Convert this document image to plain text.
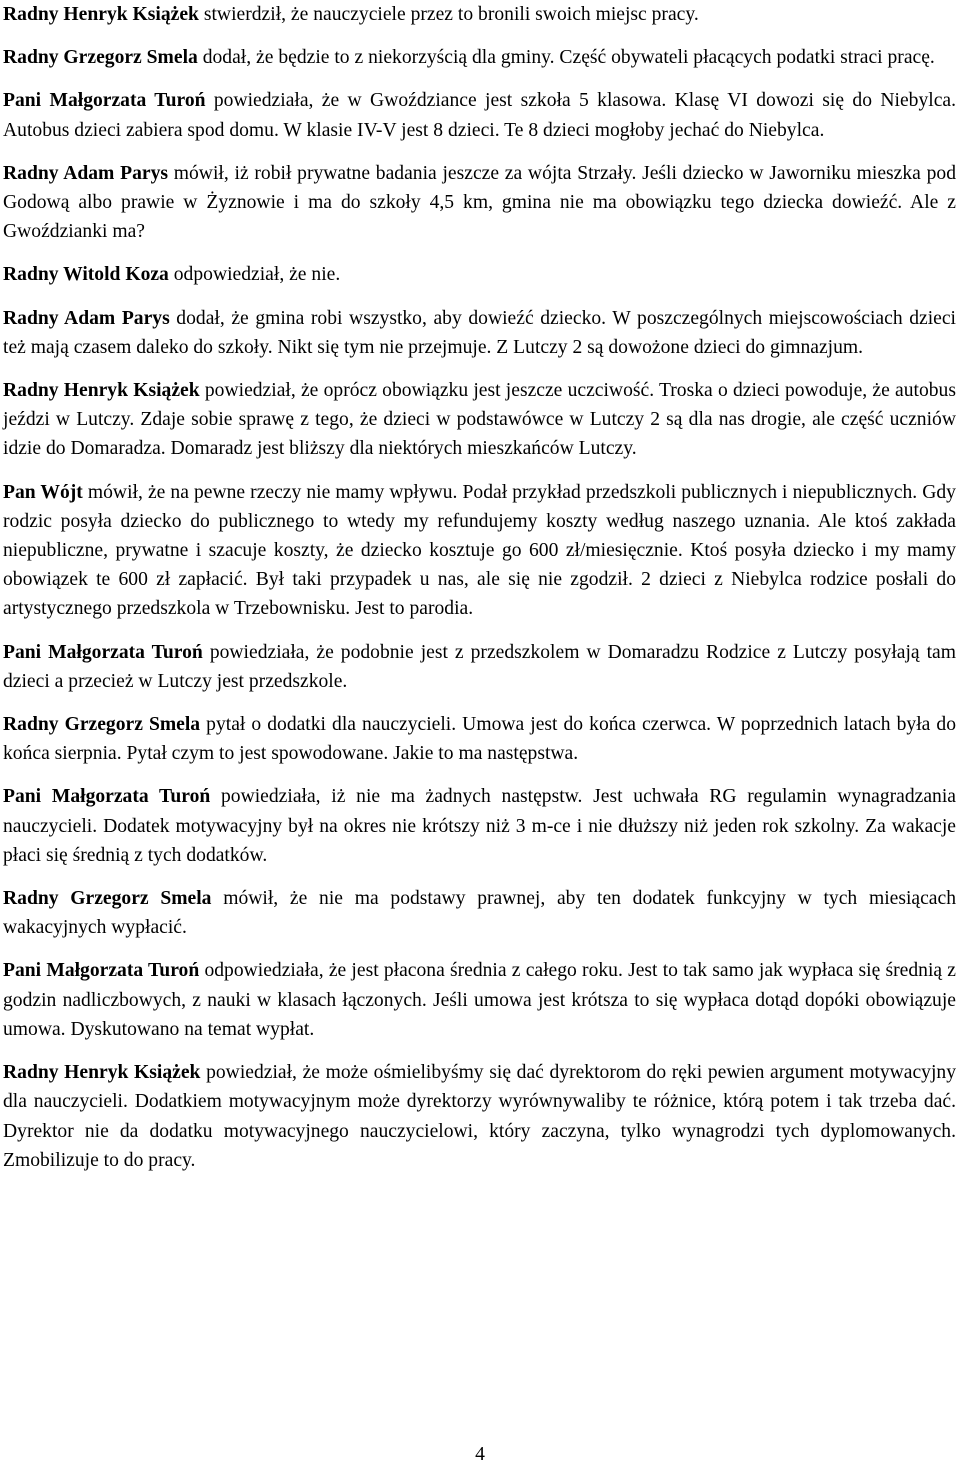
Radny Henryk Książek stwierdził, że nauczyciele przez to bronili swoich miejsc pracy.

Radny Grzegorz Smela dodał, że będzie to z niekorzyścią dla gminy. Część obywateli płacących podatki straci pracę.

Pani Małgorzata Turoń powiedziała, że w Gwoździance jest szkoła 5 klasowa. Klasę VI dowozi się do Niebylca. Autobus dzieci zabiera spod domu. W klasie IV-V jest 8 dzieci. Te 8 dzieci mogłoby jechać do Niebylca.

Radny Adam Parys mówił, iż robił prywatne badania jeszcze za wójta Strzały. Jeśli dziecko w Jaworniku mieszka pod Godową albo prawie w Żyznowie i ma do szkoły 4,5 km, gmina nie ma obowiązku tego dziecka dowieźć. Ale z Gwoździanki ma?

Radny Witold Koza odpowiedział, że nie.

Radny Adam Parys dodał, że gmina robi wszystko, aby dowieźć dziecko. W poszczególnych miejscowościach dzieci też mają czasem daleko do szkoły. Nikt się tym nie przejmuje. Z Lutczy 2 są dowożone dzieci do gimnazjum.

Radny Henryk Książek powiedział, że oprócz obowiązku jest jeszcze uczciwość. Troska o dzieci powoduje, że autobus jeździ w Lutczy. Zdaje sobie sprawę z tego, że dzieci w podstawówce w Lutczy 2 są dla nas drogie, ale część uczniów idzie do Domaradza. Domaradz jest bliższy dla niektórych mieszkańców Lutczy.

Pan Wójt mówił, że na pewne rzeczy nie mamy wpływu. Podał przykład przedszkoli publicznych i niepublicznych. Gdy rodzic posyła dziecko do publicznego to wtedy my refundujemy koszty według naszego uznania. Ale ktoś zakłada niepubliczne, prywatne i szacuje koszty, że dziecko kosztuje go 600 zł/miesięcznie. Ktoś posyła dziecko i my mamy obowiązek te 600 zł zapłacić. Był taki przypadek u nas, ale się nie zgodził. 2 dzieci z Niebylca rodzice posłali do artystycznego przedszkola w Trzebownisku. Jest to parodia.

Pani Małgorzata Turoń powiedziała, że podobnie jest z przedszkolem w Domaradzu Rodzice z Lutczy posyłają tam dzieci a przecież w Lutczy jest przedszkole.

Radny Grzegorz Smela pytał o dodatki dla nauczycieli. Umowa jest do końca czerwca. W poprzednich latach była do końca sierpnia. Pytał czym to jest spowodowane. Jakie to ma następstwa.

Pani Małgorzata Turoń powiedziała, iż nie ma żadnych następstw. Jest uchwała RG regulamin wynagradzania nauczycieli. Dodatek motywacyjny był na okres nie krótszy niż 3 m-ce i nie dłuższy niż jeden rok szkolny. Za wakacje płaci się średnią z tych dodatków.

Radny Grzegorz Smela mówił, że nie ma podstawy prawnej, aby ten dodatek funkcyjny w tych miesiącach wakacyjnych wypłacić.

Pani Małgorzata Turoń odpowiedziała, że jest płacona średnia z całego roku. Jest to tak samo jak wypłaca się średnią z godzin nadliczbowych, z nauki w klasach łączonych. Jeśli umowa jest krótsza to się wypłaca dotąd dopóki obowiązuje umowa. Dyskutowano na temat wypłat.

Radny Henryk Książek powiedział, że może ośmielibyśmy się dać dyrektorom do ręki pewien argument motywacyjny dla nauczycieli. Dodatkiem motywacyjnym może dyrektorzy wyrównywaliby te różnice, którą potem i tak trzeba dać. Dyrektor nie da dodatku motywacyjnego nauczycielowi, który zaczyna, tylko wynagrodzi tych dyplomowanych. Zmobilizuje to do pracy.

4
